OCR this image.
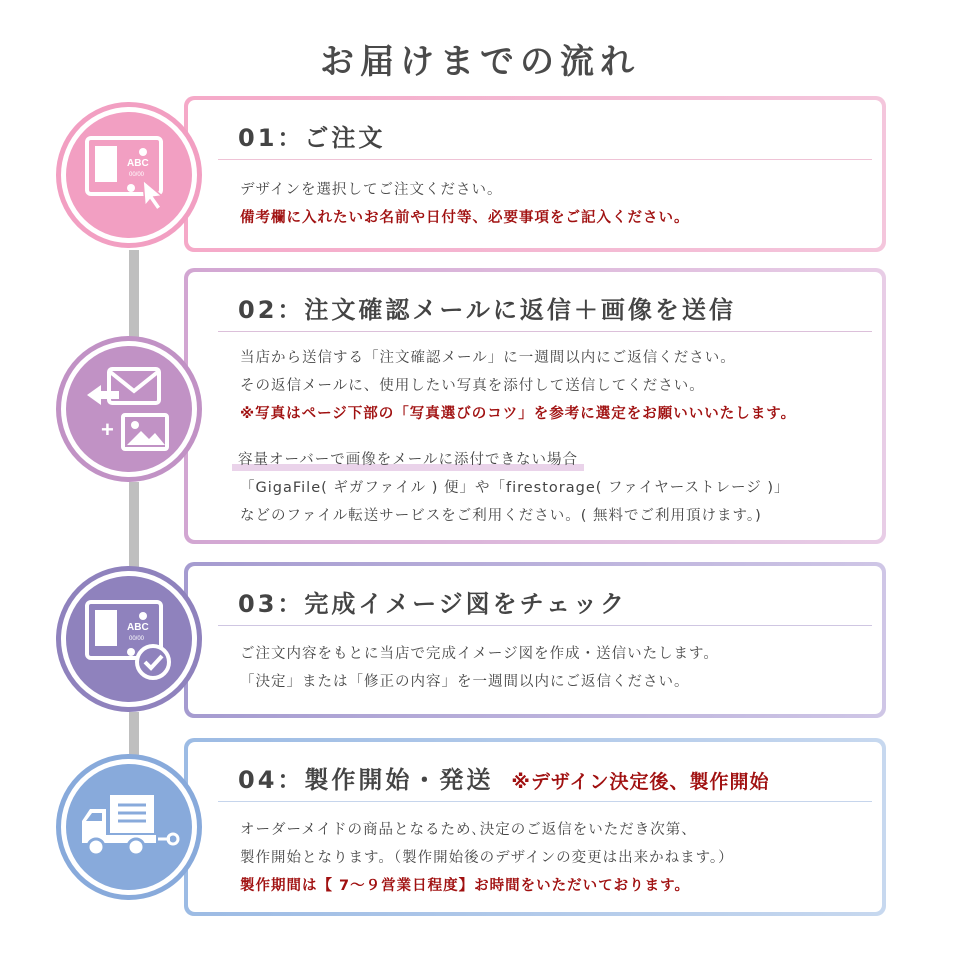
お届けまでの流れ
01：ご注文
デザインを選択してご注文ください。
備考欄に入れたいお名前や日付等、必要事項をご記入ください。
ABC
00/00
02：注文確認メールに返信＋画像を送信
当店から送信する「注文確認メール」に一週間以内にご返信ください。
その返信メールに、使用したい写真を添付して送信してください。
※写真はページ下部の「写真選びのコツ」を参考に選定をお願いいいたします。
容量オーバーで画像をメールに添付できない場合
「GigaFile( ギガファイル ) 便」や「firestorage( ファイヤーストレージ )」
などのファイル転送サービスをご利用ください。( 無料でご利用頂けます。)
+
03：完成イメージ図をチェック
ご注文内容をもとに当店で完成イメージ図を作成・送信いたします。
「決定」または「修正の内容」を一週間以内にご返信ください。
ABC
00/00
04：製作開始・発送 ※デザイン決定後、製作開始
オーダーメイドの商品となるため､決定のご返信をいただき次第、
製作開始となります。（製作開始後のデザインの変更は出来かねます。）
製作期間は【 7〜９営業日程度】お時間をいただいております。
